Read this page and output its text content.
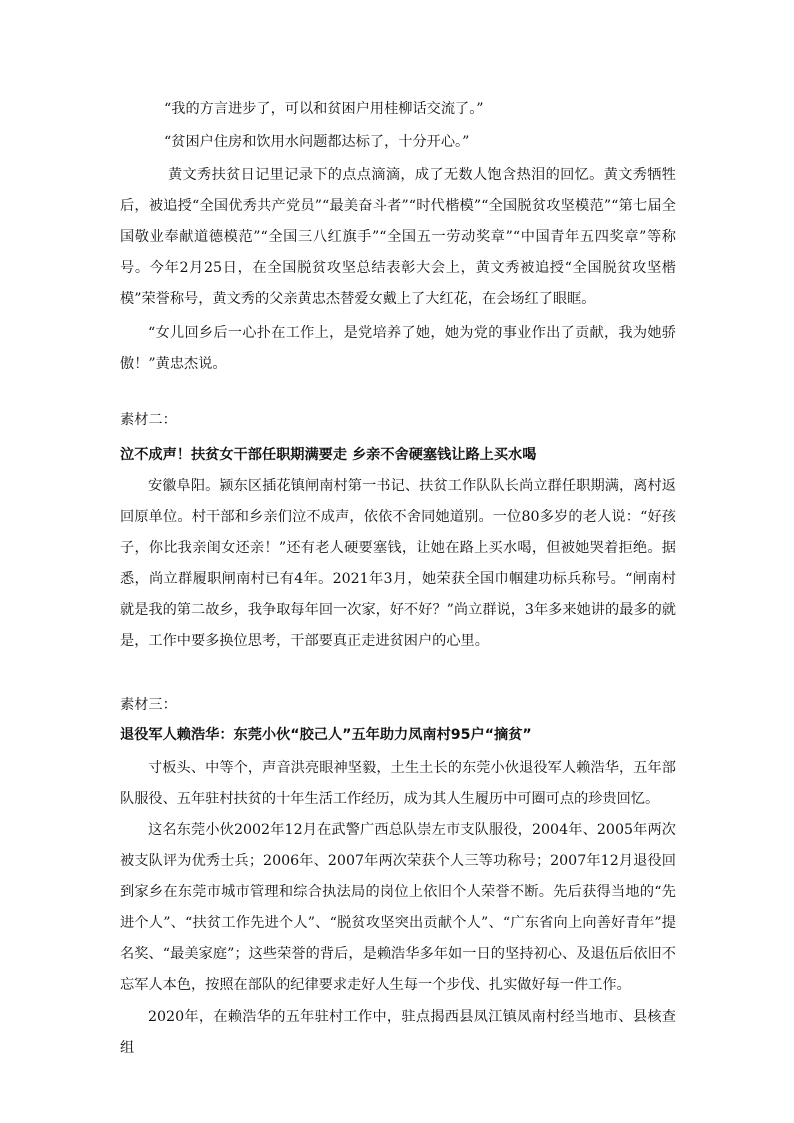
“我的方言进步了，可以和贫困户用桂柳话交流了。”

“贫困户住房和饮用水问题都达标了，十分开心。”

黄文秀扶贫日记里记录下的点点滴滴，成了无数人饱含热泪的回忆。黄文秀牺牲后，被追授“全国优秀共产党员”“最美奋斗者”“时代楷模”“全国脱贫攻坚模范”“第七届全国敬业奉献道德模范”“全国三八红旗手”“全国五一劳动奖章”“中国青年五四奖章”等称号。今年2月25日，在全国脱贫攻坚总结表彰大会上，黄文秀被追授“全国脱贫攻坚楷模”荣誉称号，黄文秀的父亲黄忠杰替爱女戴上了大红花，在会场红了眼眶。

“女儿回乡后一心扑在工作上，是党培养了她，她为党的事业作出了贡献，我为她骄傲！”黄忠杰说。

素材二：

泣不成声！扶贫女干部任职期满要走 乡亲不舍硬塞钱让路上买水喝

安徽阜阳。颍东区插花镇闸南村第一书记、扶贫工作队队长尚立群任职期满，离村返回原单位。村干部和乡亲们泣不成声，依依不舍同她道别。一位80多岁的老人说：“好孩子，你比我亲闺女还亲！”还有老人硬要塞钱，让她在路上买水喝，但被她哭着拒绝。据悉，尚立群履职闸南村已有4年。2021年3月，她荣获全国巾帼建功标兵称号。“闸南村就是我的第二故乡，我争取每年回一次家，好不好？”尚立群说，3年多来她讲的最多的就是，工作中要多换位思考，干部要真正走进贫困户的心里。

素材三：

退役军人赖浩华：东莞小伙“胶己人”五年助力凤南村95户“摘贫”

寸板头、中等个，声音洪亮眼神坚毅，土生土长的东莞小伙退役军人赖浩华，五年部队服役、五年驻村扶贫的十年生活工作经历，成为其人生履历中可圈可点的珍贵回忆。

这名东莞小伙2002年12月在武警广西总队崇左市支队服役，2004年、2005年两次被支队评为优秀士兵；2006年、2007年两次荣获个人三等功称号；2007年12月退役回到家乡在东莞市城市管理和综合执法局的岗位上依旧个人荣誉不断。先后获得当地的“先进个人”、“扶贫工作先进个人”、“脱贫攻坚突出贡献个人”、“广东省向上向善好青年”提名奖、“最美家庭”；这些荣誉的背后，是赖浩华多年如一日的坚持初心、及退伍后依旧不忘军人本色，按照在部队的纪律要求走好人生每一个步伐、扎实做好每一件工作。

2020年，在赖浩华的五年驻村工作中，驻点揭西县凤江镇凤南村经当地市、县核查组
